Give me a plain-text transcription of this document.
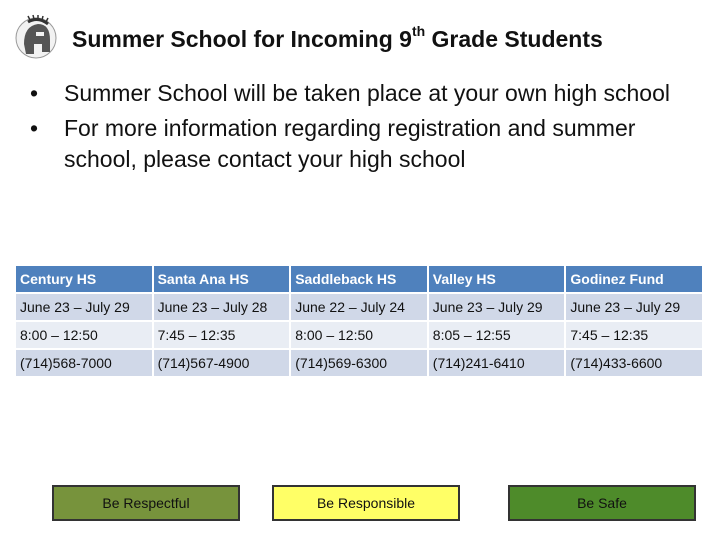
Summer School for Incoming 9th Grade Students
• Summer School will be taken place at your own high school
• For more information regarding registration and summer school, please contact your high school
Century HS	Santa Ana HS	Saddleback HS	Valley HS	Godinez Fund
June 23 – July 29	June 23 – July 28	June 22 – July 24	June 23 – July 29	June 23 – July 29
8:00 – 12:50	7:45 – 12:35	8:00 – 12:50	8:05 – 12:55	7:45 – 12:35
(714)568-7000	(714)567-4900	(714)569-6300	(714)241-6410	(714)433-6600
Be Respectful	Be Responsible	Be Safe
